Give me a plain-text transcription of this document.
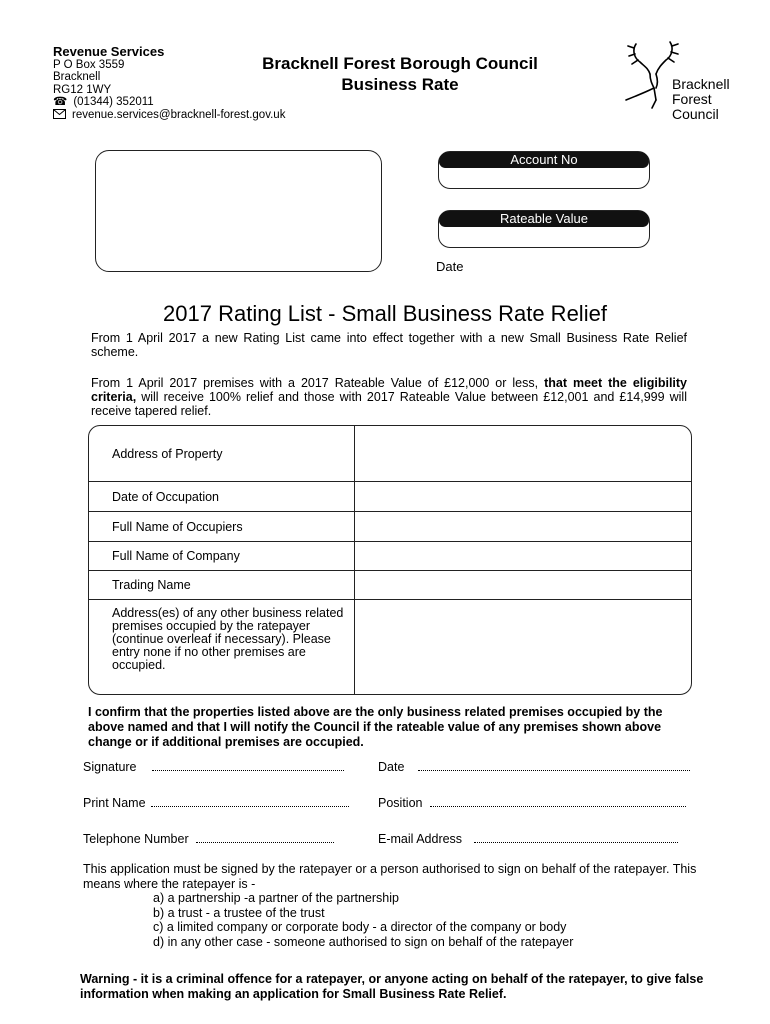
Revenue Services
P O Box 3559
Bracknell
RG12 1WY
☎ (01344) 352011
revenue.services@bracknell-forest.gov.uk
Bracknell Forest Borough Council
Business Rate	Bracknell
Forest
Council
Account No
Rateable Value
Date
2017 Rating List - Small Business Rate Relief
From 1 April 2017 a new Rating List came into effect together with a new Small Business Rate Relief scheme.
From 1 April 2017 premises with a 2017 Rateable Value of £12,000 or less, that meet the eligibility criteria, will receive 100% relief and those with 2017 Rateable Value between £12,001 and £14,999 will receive tapered relief.
Address of Property
Date of Occupation
Full Name of Occupiers
Full Name of Company
Trading Name
Address(es) of any other business related premises occupied by the ratepayer (continue overleaf if necessary). Please entry none if no other premises are occupied.
I confirm that the properties listed above are the only business related premises occupied by the above named and that I will notify the Council if the rateable value of any premises shown above change or if additional premises are occupied.
Signature	Date
Print Name	Position
Telephone Number	E-mail Address
This application must be signed by the ratepayer or a person authorised to sign on behalf of the ratepayer. This means where the ratepayer is -
a) a partnership -a partner of the partnership
b) a trust - a trustee of the trust
c) a limited company or corporate body - a director of the company or body
d) in any other case - someone authorised to sign on behalf of the ratepayer
Warning - it is a criminal offence for a ratepayer, or anyone acting on behalf of the ratepayer, to give false information when making an application for Small Business Rate Relief.
